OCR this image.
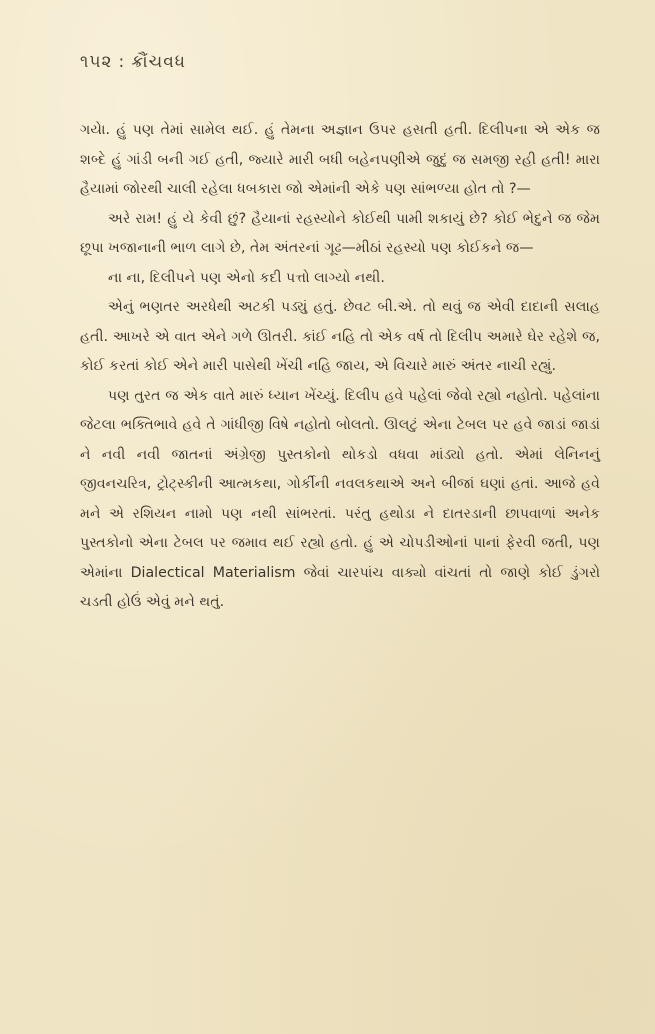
૧૫૨ : ક્રૌંચવધ

ગયેા. હું પણ તેમાં સામેલ થઈ. હું તેમના અજ્ઞાન ઉપર હસતી હતી. દિલીપના એ એક જ શબ્દે હું ગાંડી બની ગઈ હતી, જ્યારે મારી બધી બહેનપણીએ જુદું જ સમજી રહી હતી! મારા હૈયામાં જોરથી ચાલી રહેલા ધબકારા જો એમાંની એકે પણ સાંભળ્યા હોત તો ?—

અરે રામ! હું યે કેવી છું? હૈયાનાં રહસ્યોને કોઈથી પામી શકાયું છે? કોઈ ભેદુને જ જેમ છૂપા ખજાનાની ભાળ લાગે છે, તેમ અંતરનાં ગૂઢ—મીઠાં રહસ્યો પણ કોઈકને જ—

ના ના, દિલીપને પણ એનો કદી પત્તો લાગ્યો નથી.

એનું ભણતર અરધેથી અટકી પડ્યું હતું. છેવટ બી.એ. તો થવું જ એવી દાદાની સલાહ હતી. આખરે એ વાત એને ગળે ઊતરી. કાંઈ નહિ તો એક વર્ષ તો દિલીપ અમારે ઘેર રહેશે જ, કોઈ કરતાં કોઈ એને મારી પાસેથી ખેંચી નહિ જાય, એ વિચારે મારું અંતર નાચી રહ્યું.

પણ તુરત જ એક વાતે મારું ધ્યાન ખેંચ્યું. દિલીપ હવે પહેલાં જેવો રહ્યો નહોતો. પહેલાંના જેટલા ભક્તિભાવે હવે તે ગાંધીજી વિષે નહોતો બોલતો. ઊલટું એના ટેબલ પર હવે જાડાં જાડાં ને નવી નવી જાતનાં અંગ્રેજી પુસ્તકોનો થોકડો વધવા માંડ્યો હતો. એમાં લેનિનનું જીવનચરિત્ર, ટ્રોટ્સ્કીની આત્મકથા, ગોર્કીની નવલકથાએ અને બીજાં ઘણાં હતાં. આજે હવે મને એ રશિયન નામો પણ નથી સાંભરતાં. પરંતુ હથોડા ને દાતરડાની છાપવાળાં અનેક પુસ્તકોનો એના ટેબલ પર જમાવ થઈ રહ્યો હતો. હું એ ચોપડીઓનાં પાનાં ફેરવી જતી, પણ એમાંના Dialectical Materialism જેવાં ચારપાંચ વાક્યો વાંચતાં તો જાણે કોઈ ડુંગરો ચડતી હોઉં એવું મને થતું.
